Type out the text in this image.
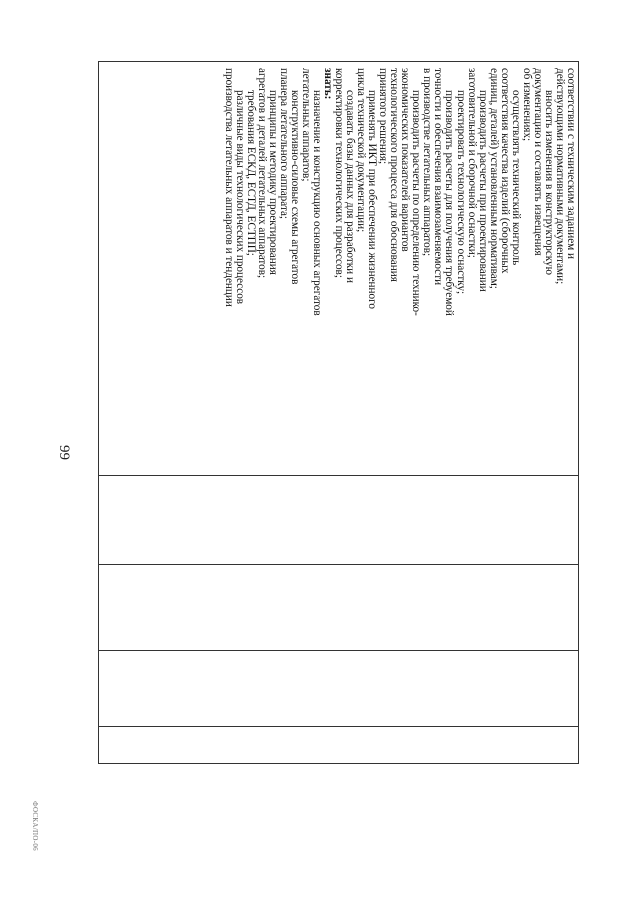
99
ФОСКА/ПО-06
соответствии с техническим заданием и
действующими нормативными документами;
вносить изменения в конструкторскую
документацию и составлять извещения
об изменениях;
осуществлять технический контроль
соответствия качества изделий (сборочных
единиц, деталей) установленным нормативам;
производить расчеты при проектировании
заготовительной и сборочной оснастки;
проектировать технологическую оснастку;
производить расчеты для получения требуемой
точности и обеспечения взаимозаменяемости
в производстве летательных аппаратов;
производить расчеты по определению технико-
экономических показателей вариантов
технологического процесса для обоснования
принятого решения;
применять ИКТ при обеспечении жизненного
цикла технической документации;
создавать базы данных для разработки и
корректировки технологических процессов;
знать:
назначение и конструкцию основных агрегатов
летательных аппаратов;
конструктивно-силовые схемы агрегатов
планера летательного аппарата;
принципы и методику проектирования
агрегатов и деталей летательных аппаратов;
требования ЕСКД, ЕСТД, ЕСТПП;
различные виды технологических процессов
производства летательных аппаратов и тенденции
